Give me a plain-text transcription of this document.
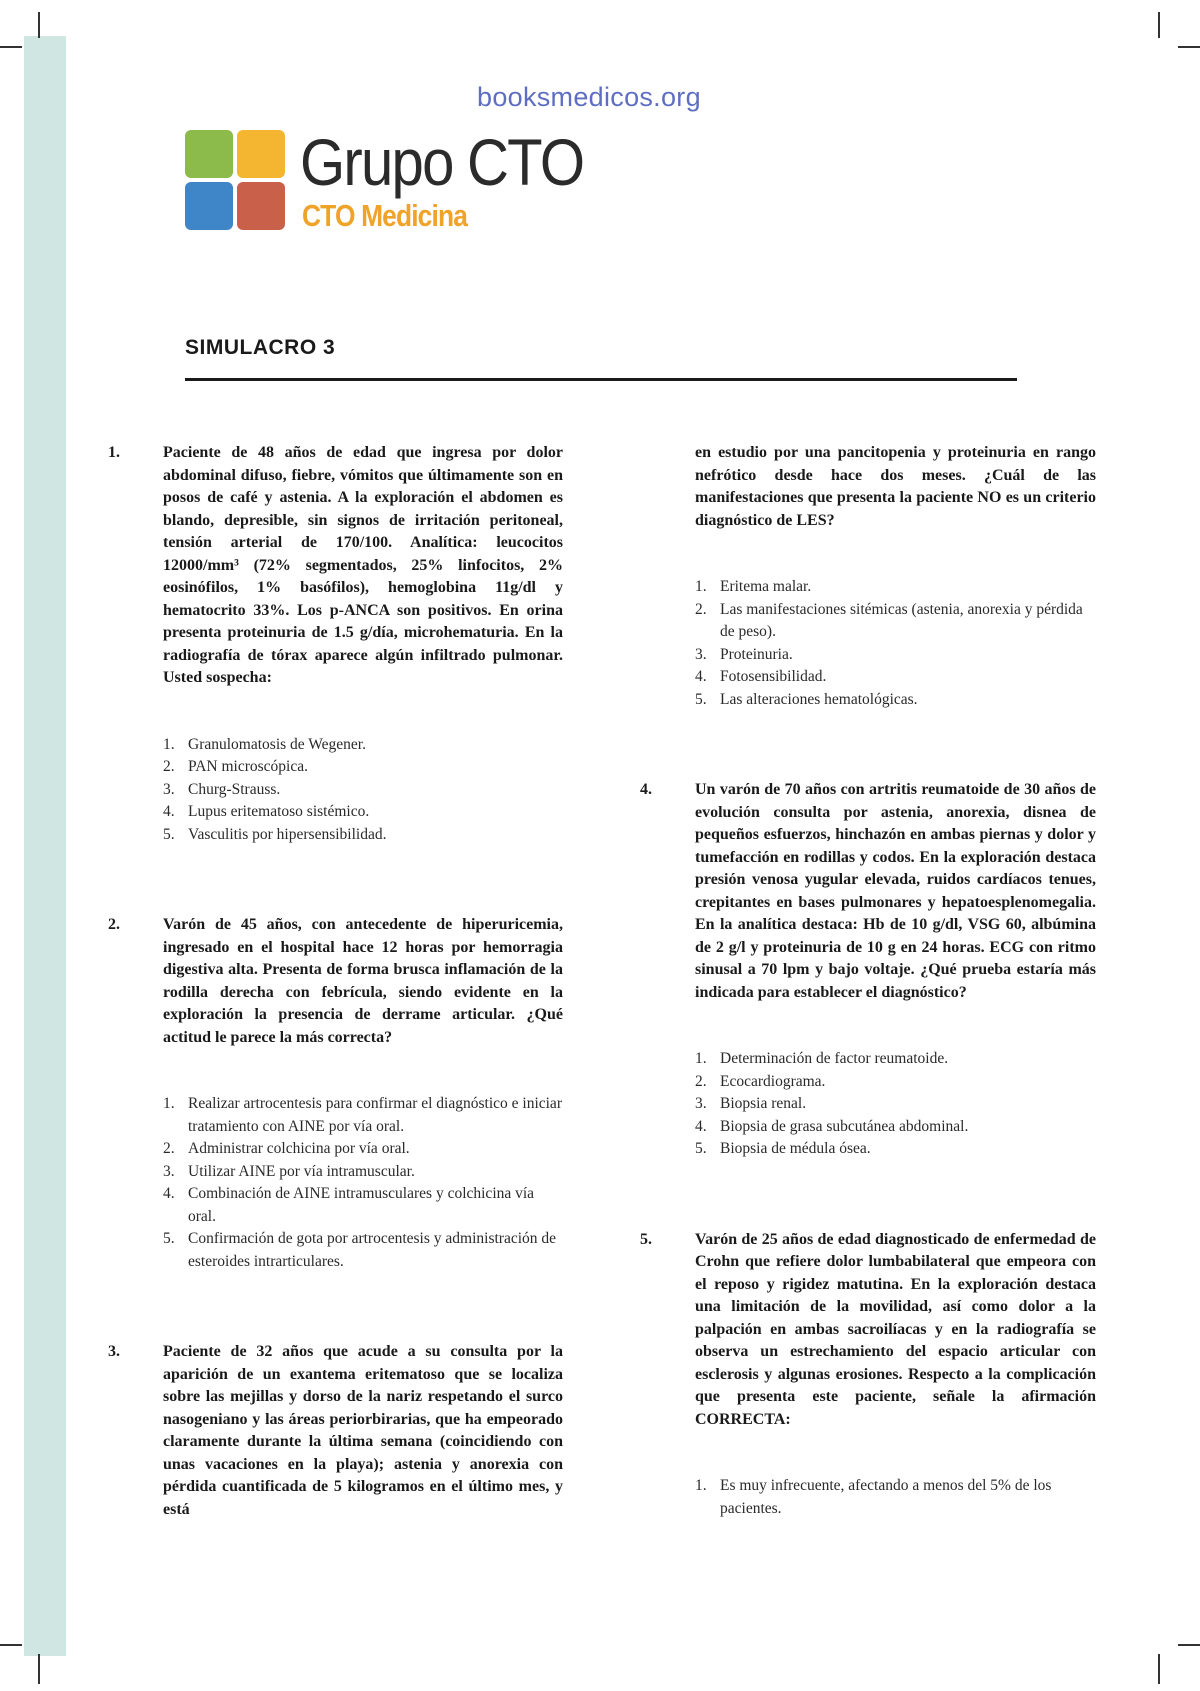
booksmedicos.org
Grupo CTO
CTO Medicina
SIMULACRO 3
1.	Paciente de 48 años de edad que ingresa por dolor abdominal difuso, fiebre, vómitos que últimamente son en posos de café y astenia. A la exploración el abdomen es blando, depresible, sin signos de irritación peritoneal, tensión arterial de 170/100. Analítica: leucocitos 12000/mm³ (72% segmentados, 25% linfocitos, 2% eosinófilos, 1% basófilos), hemoglobina 11g/dl y hematocrito 33%. Los p-ANCA son positivos. En orina presenta proteinuria de 1.5 g/día, microhematuria. En la radiografía de tórax aparece algún infiltrado pulmonar. Usted sospecha:
1. Granulomatosis de Wegener.
2. PAN microscópica.
3. Churg-Strauss.
4. Lupus eritematoso sistémico.
5. Vasculitis por hipersensibilidad.
2.	Varón de 45 años, con antecedente de hiperuricemia, ingresado en el hospital hace 12 horas por hemorragia digestiva alta. Presenta de forma brusca inflamación de la rodilla derecha con febrícula, siendo evidente en la exploración la presencia de derrame articular. ¿Qué actitud le parece la más correcta?
1. Realizar artrocentesis para confirmar el diagnóstico e iniciar tratamiento con AINE por vía oral.
2. Administrar colchicina por vía oral.
3. Utilizar AINE por vía intramuscular.
4. Combinación de AINE intramusculares y colchicina vía oral.
5. Confirmación de gota por artrocentesis y administración de esteroides intrarticulares.
3.	Paciente de 32 años que acude a su consulta por la aparición de un exantema eritematoso que se localiza sobre las mejillas y dorso de la nariz respetando el surco nasogeniano y las áreas periorbirarias, que ha empeorado claramente durante la última semana (coincidiendo con unas vacaciones en la playa); astenia y anorexia con pérdida cuantificada de 5 kilogramos en el último mes, y está
en estudio por una pancitopenia y proteinuria en rango nefrótico desde hace dos meses. ¿Cuál de las manifestaciones que presenta la paciente NO es un criterio diagnóstico de LES?
1. Eritema malar.
2. Las manifestaciones sitémicas (astenia, anorexia y pérdida de peso).
3. Proteinuria.
4. Fotosensibilidad.
5. Las alteraciones hematológicas.
4.	Un varón de 70 años con artritis reumatoide de 30 años de evolución consulta por astenia, anorexia, disnea de pequeños esfuerzos, hinchazón en ambas piernas y dolor y tumefacción en rodillas y codos. En la exploración destaca presión venosa yugular elevada, ruidos cardíacos tenues, crepitantes en bases pulmonares y hepatoesplenomegalia. En la analítica destaca: Hb de 10 g/dl, VSG 60, albúmina de 2 g/l y proteinuria de 10 g en 24 horas. ECG con ritmo sinusal a 70 lpm y bajo voltaje. ¿Qué prueba estaría más indicada para establecer el diagnóstico?
1. Determinación de factor reumatoide.
2. Ecocardiograma.
3. Biopsia renal.
4. Biopsia de grasa subcutánea abdominal.
5. Biopsia de médula ósea.
5.	Varón de 25 años de edad diagnosticado de enfermedad de Crohn que refiere dolor lumbabilateral que empeora con el reposo y rigidez matutina. En la exploración destaca una limitación de la movilidad, así como dolor a la palpación en ambas sacroilíacas y en la radiografía se observa un estrechamiento del espacio articular con esclerosis y algunas erosiones. Respecto a la complicación que presenta este paciente, señale la afirmación CORRECTA:
1. Es muy infrecuente, afectando a menos del 5% de los pacientes.
